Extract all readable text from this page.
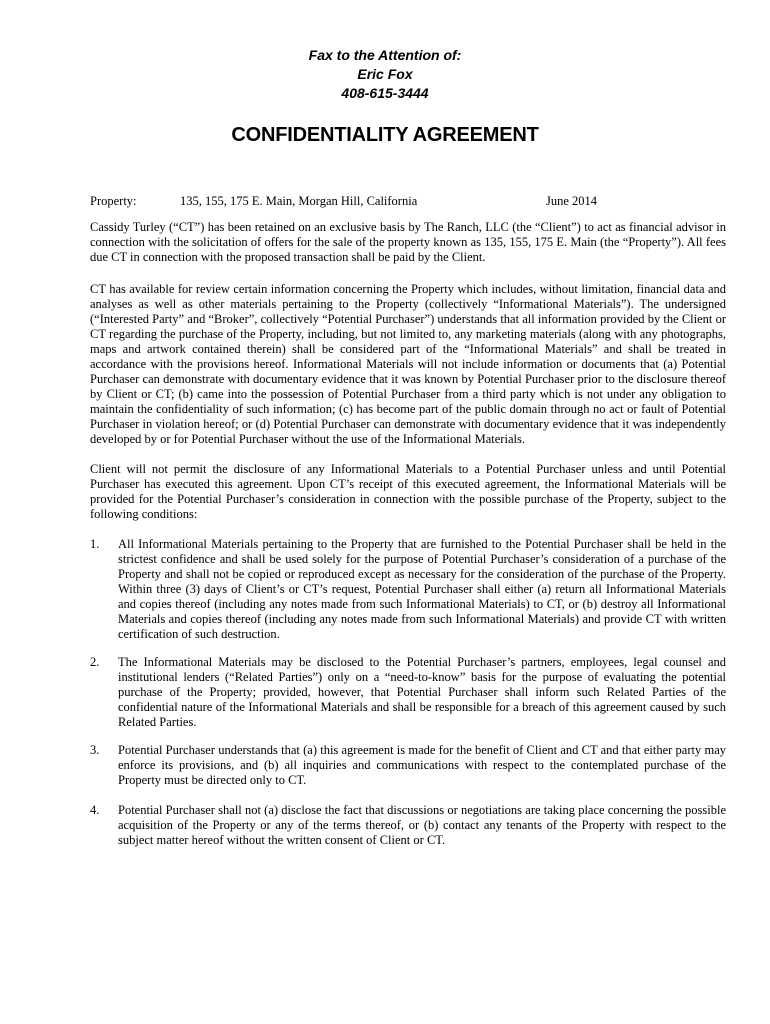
Fax to the Attention of:
Eric Fox
408-615-3444
CONFIDENTIALITY AGREEMENT
Property:	135, 155, 175 E. Main, Morgan Hill, California	June 2014

Cassidy Turley (“CT”) has been retained on an exclusive basis by The Ranch, LLC (the “Client”) to act as financial advisor in connection with the solicitation of offers for the sale of the property known as 135, 155, 175 E. Main (the “Property”). All fees due CT in connection with the proposed transaction shall be paid by the Client.

CT has available for review certain information concerning the Property which includes, without limitation, financial data and analyses as well as other materials pertaining to the Property (collectively “Informational Materials”). The undersigned (“Interested Party” and “Broker”, collectively “Potential Purchaser”) understands that all information provided by the Client or CT regarding the purchase of the Property, including, but not limited to, any marketing materials (along with any photographs, maps and artwork contained therein) shall be considered part of the “Informational Materials” and shall be treated in accordance with the provisions hereof. Informational Materials will not include information or documents that (a) Potential Purchaser can demonstrate with documentary evidence that it was known by Potential Purchaser prior to the disclosure thereof by Client or CT; (b) came into the possession of Potential Purchaser from a third party which is not under any obligation to maintain the confidentiality of such information; (c) has become part of the public domain through no act or fault of Potential Purchaser in violation hereof; or (d) Potential Purchaser can demonstrate with documentary evidence that it was independently developed by or for Potential Purchaser without the use of the Informational Materials.

Client will not permit the disclosure of any Informational Materials to a Potential Purchaser unless and until Potential Purchaser has executed this agreement. Upon CT’s receipt of this executed agreement, the Informational Materials will be provided for the Potential Purchaser’s consideration in connection with the possible purchase of the Property, subject to the following conditions:

1. All Informational Materials pertaining to the Property that are furnished to the Potential Purchaser shall be held in the strictest confidence and shall be used solely for the purpose of Potential Purchaser’s consideration of a purchase of the Property and shall not be copied or reproduced except as necessary for the consideration of the purchase of the Property. Within three (3) days of Client’s or CT’s request, Potential Purchaser shall either (a) return all Informational Materials and copies thereof (including any notes made from such Informational Materials) to CT, or (b) destroy all Informational Materials and copies thereof (including any notes made from such Informational Materials) and provide CT with written certification of such destruction.

2. The Informational Materials may be disclosed to the Potential Purchaser’s partners, employees, legal counsel and institutional lenders (“Related Parties”) only on a “need-to-know” basis for the purpose of evaluating the potential purchase of the Property; provided, however, that Potential Purchaser shall inform such Related Parties of the confidential nature of the Informational Materials and shall be responsible for a breach of this agreement caused by such Related Parties.

3. Potential Purchaser understands that (a) this agreement is made for the benefit of Client and CT and that either party may enforce its provisions, and (b) all inquiries and communications with respect to the contemplated purchase of the Property must be directed only to CT.

4. Potential Purchaser shall not (a) disclose the fact that discussions or negotiations are taking place concerning the possible acquisition of the Property or any of the terms thereof, or (b) contact any tenants of the Property with respect to the subject matter hereof without the written consent of Client or CT.
